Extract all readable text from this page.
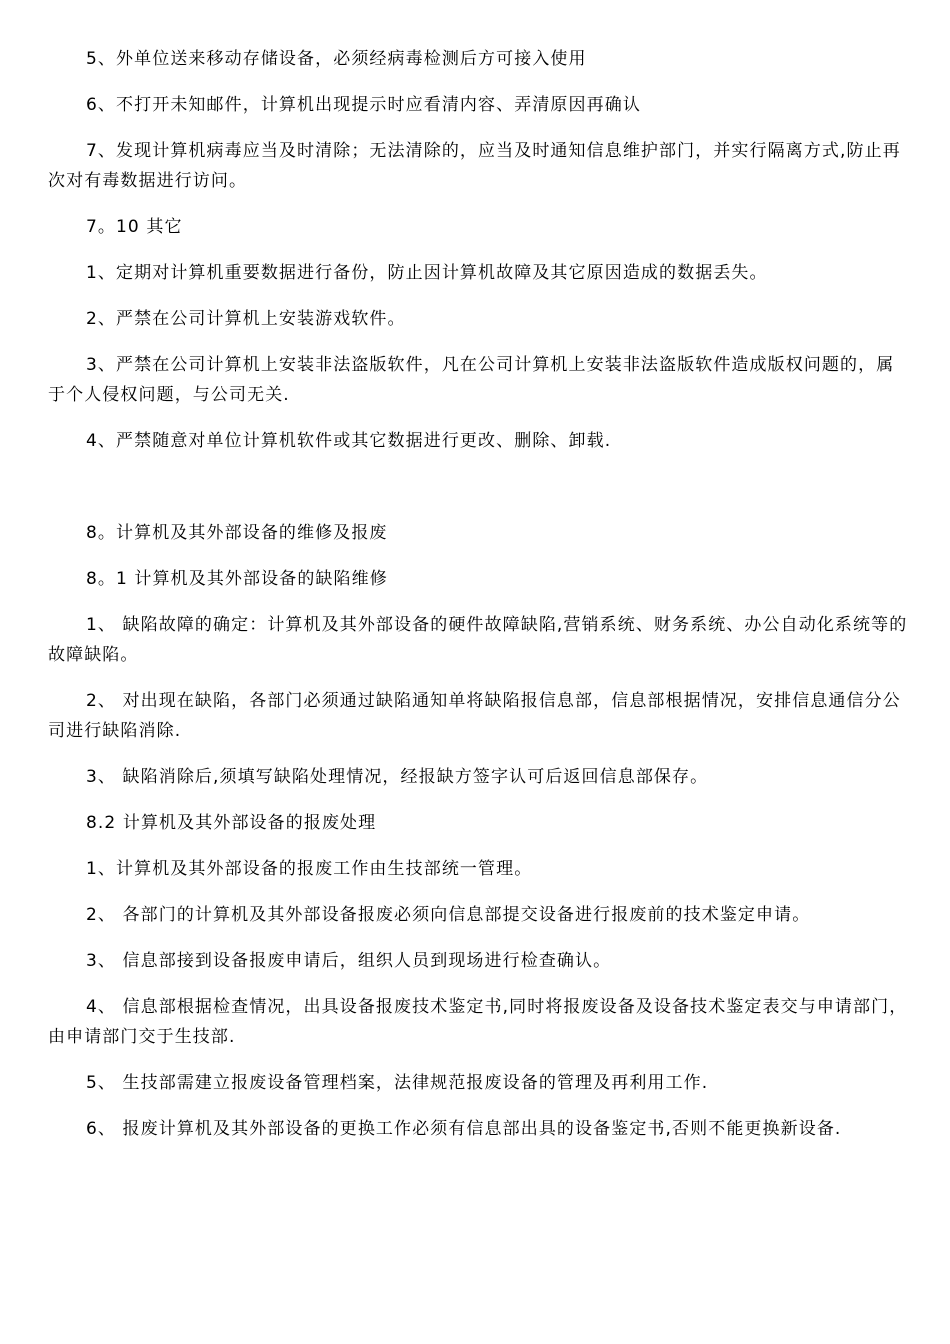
5、外单位送来移动存储设备，必须经病毒检测后方可接入使用

6、不打开未知邮件，计算机出现提示时应看清内容、弄清原因再确认

7、发现计算机病毒应当及时清除；无法清除的，应当及时通知信息维护部门，并实行隔离方式,防止再次对有毒数据进行访问。

7。10 其它

1、定期对计算机重要数据进行备份，防止因计算机故障及其它原因造成的数据丢失。

2、严禁在公司计算机上安装游戏软件。

3、严禁在公司计算机上安装非法盗版软件，凡在公司计算机上安装非法盗版软件造成版权问题的，属于个人侵权问题，与公司无关.

4、严禁随意对单位计算机软件或其它数据进行更改、删除、卸载.

8。计算机及其外部设备的维修及报废

8。1 计算机及其外部设备的缺陷维修

1、 缺陷故障的确定：计算机及其外部设备的硬件故障缺陷,营销系统、财务系统、办公自动化系统等的故障缺陷。

2、 对出现在缺陷，各部门必须通过缺陷通知单将缺陷报信息部，信息部根据情况，安排信息通信分公司进行缺陷消除.

3、 缺陷消除后,须填写缺陷处理情况，经报缺方签字认可后返回信息部保存。

8.2 计算机及其外部设备的报废处理

1、计算机及其外部设备的报废工作由生技部统一管理。

2、 各部门的计算机及其外部设备报废必须向信息部提交设备进行报废前的技术鉴定申请。

3、 信息部接到设备报废申请后，组织人员到现场进行检查确认。

4、 信息部根据检查情况，出具设备报废技术鉴定书,同时将报废设备及设备技术鉴定表交与申请部门，由申请部门交于生技部.

5、 生技部需建立报废设备管理档案，法律规范报废设备的管理及再利用工作.

6、 报废计算机及其外部设备的更换工作必须有信息部出具的设备鉴定书,否则不能更换新设备.
